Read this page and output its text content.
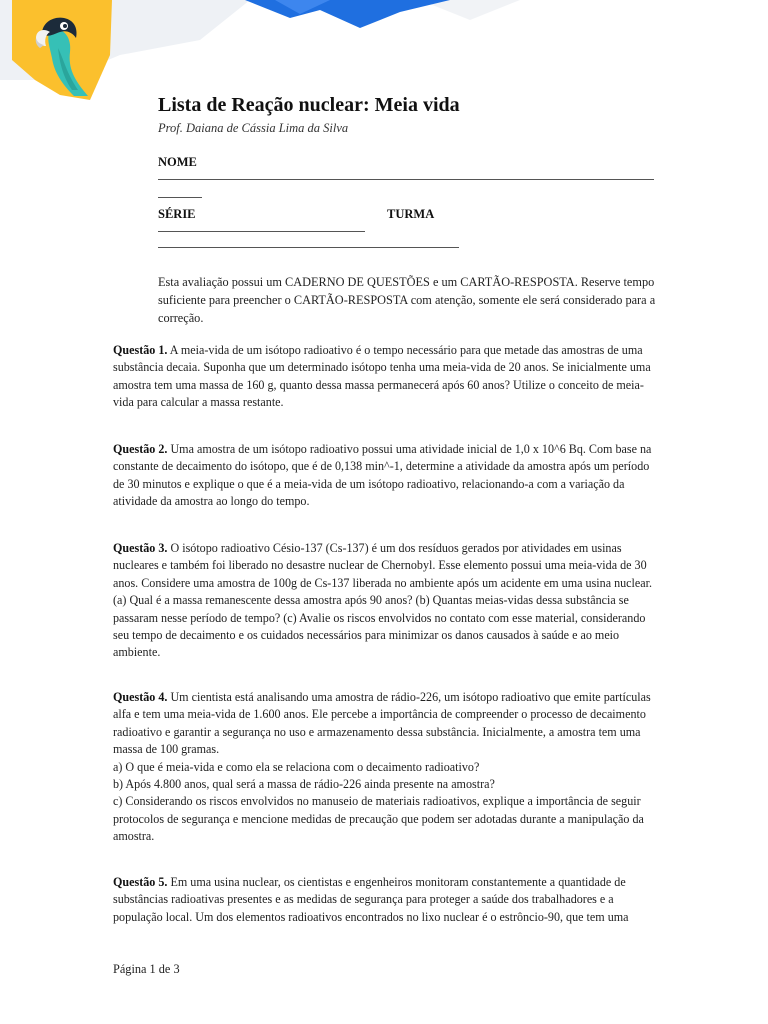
Lista de Reação nuclear: Meia vida
Prof. Daiana de Cássia Lima da Silva
NOME
SÉRIE	TURMA
Esta avaliação possui um CADERNO DE QUESTÕES e um CARTÃO-RESPOSTA. Reserve tempo suficiente para preencher o CARTÃO-RESPOSTA com atenção, somente ele será considerado para a correção.
Questão 1. A meia-vida de um isótopo radioativo é o tempo necessário para que metade das amostras de uma substância decaia. Suponha que um determinado isótopo tenha uma meia-vida de 20 anos. Se inicialmente uma amostra tem uma massa de 160 g, quanto dessa massa permanecerá após 60 anos? Utilize o conceito de meia-vida para calcular a massa restante.
Questão 2. Uma amostra de um isótopo radioativo possui uma atividade inicial de 1,0 x 10^6 Bq. Com base na constante de decaimento do isótopo, que é de 0,138 min^-1, determine a atividade da amostra após um período de 30 minutos e explique o que é a meia-vida de um isótopo radioativo, relacionando-a com a variação da atividade da amostra ao longo do tempo.
Questão 3. O isótopo radioativo Césio-137 (Cs-137) é um dos resíduos gerados por atividades em usinas nucleares e também foi liberado no desastre nuclear de Chernobyl. Esse elemento possui uma meia-vida de 30 anos. Considere uma amostra de 100g de Cs-137 liberada no ambiente após um acidente em uma usina nuclear. (a) Qual é a massa remanescente dessa amostra após 90 anos? (b) Quantas meias-vidas dessa substância se passaram nesse período de tempo? (c) Avalie os riscos envolvidos no contato com esse material, considerando seu tempo de decaimento e os cuidados necessários para minimizar os danos causados à saúde e ao meio ambiente.
Questão 4. Um cientista está analisando uma amostra de rádio-226, um isótopo radioativo que emite partículas alfa e tem uma meia-vida de 1.600 anos. Ele percebe a importância de compreender o processo de decaimento radioativo e garantir a segurança no uso e armazenamento dessa substância. Inicialmente, a amostra tem uma massa de 100 gramas.
a) O que é meia-vida e como ela se relaciona com o decaimento radioativo?
b) Após 4.800 anos, qual será a massa de rádio-226 ainda presente na amostra?
c) Considerando os riscos envolvidos no manuseio de materiais radioativos, explique a importância de seguir protocolos de segurança e mencione medidas de precaução que podem ser adotadas durante a manipulação da amostra.
Questão 5. Em uma usina nuclear, os cientistas e engenheiros monitoram constantemente a quantidade de substâncias radioativas presentes e as medidas de segurança para proteger a saúde dos trabalhadores e a população local. Um dos elementos radioativos encontrados no lixo nuclear é o estrôncio-90, que tem uma
Página 1 de 3
